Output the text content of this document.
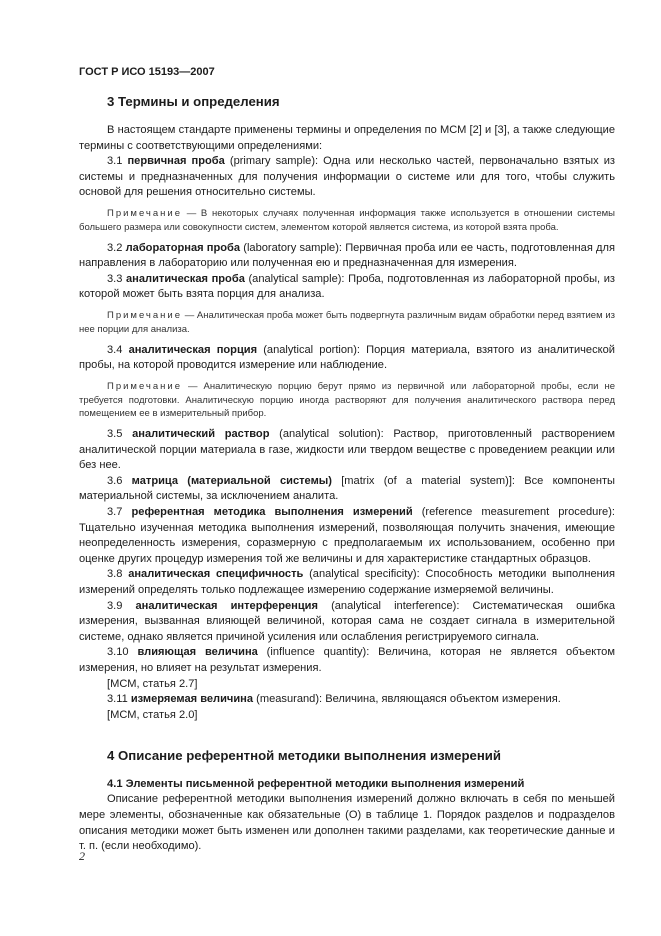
ГОСТ Р ИСО 15193—2007
3 Термины и определения

В настоящем стандарте применены термины и определения по МСМ [2] и [3], а также следующие термины с соответствующими определениями:

3.1 первичная проба (primary sample): Одна или несколько частей, первоначально взятых из системы и предназначенных для получения информации о системе или для того, чтобы служить основой для решения относительно системы.

Примечание — В некоторых случаях полученная информация также используется в отношении системы большего размера или совокупности систем, элементом которой является система, из которой взята проба.

3.2 лабораторная проба (laboratory sample): Первичная проба или ее часть, подготовленная для направления в лабораторию или полученная ею и предназначенная для измерения.

3.3 аналитическая проба (analytical sample): Проба, подготовленная из лабораторной пробы, из которой может быть взята порция для анализа.

Примечание — Аналитическая проба может быть подвергнута различным видам обработки перед взятием из нее порции для анализа.

3.4 аналитическая порция (analytical portion): Порция материала, взятого из аналитической пробы, на которой проводится измерение или наблюдение.

Примечание — Аналитическую порцию берут прямо из первичной или лабораторной пробы, если не требуется подготовки. Аналитическую порцию иногда растворяют для получения аналитического раствора перед помещением ее в измерительный прибор.

3.5 аналитический раствор (analytical solution): Раствор, приготовленный растворением аналитической порции материала в газе, жидкости или твердом веществе с проведением реакции или без нее.

3.6 матрица (материальной системы) [matrix (of a material system)]: Все компоненты материальной системы, за исключением аналита.

3.7 референтная методика выполнения измерений (reference measurement procedure): Тщательно изученная методика выполнения измерений, позволяющая получить значения, имеющие неопределенность измерения, соразмерную с предполагаемым их использованием, особенно при оценке других процедур измерения той же величины и для характеристике стандартных образцов.

3.8 аналитическая специфичность (analytical specificity): Способность методики выполнения измерений определять только подлежащее измерению содержание измеряемой величины.

3.9 аналитическая интерференция (analytical interference): Систематическая ошибка измерения, вызванная влияющей величиной, которая сама не создает сигнала в измерительной системе, однако является причиной усиления или ослабления регистрируемого сигнала.

3.10 влияющая величина (influence quantity): Величина, которая не является объектом измерения, но влияет на результат измерения.

[МСМ, статья 2.7]

3.11 измеряемая величина (measurand): Величина, являющаяся объектом измерения.

[МСМ, статья 2.0]

4 Описание референтной методики выполнения измерений
4.1 Элементы письменной референтной методики выполнения измерений

Описание референтной методики выполнения измерений должно включать в себя по меньшей мере элементы, обозначенные как обязательные (О) в таблице 1. Порядок разделов и подразделов описания методики может быть изменен или дополнен такими разделами, как теоретические данные и т. п. (если необходимо).

2
